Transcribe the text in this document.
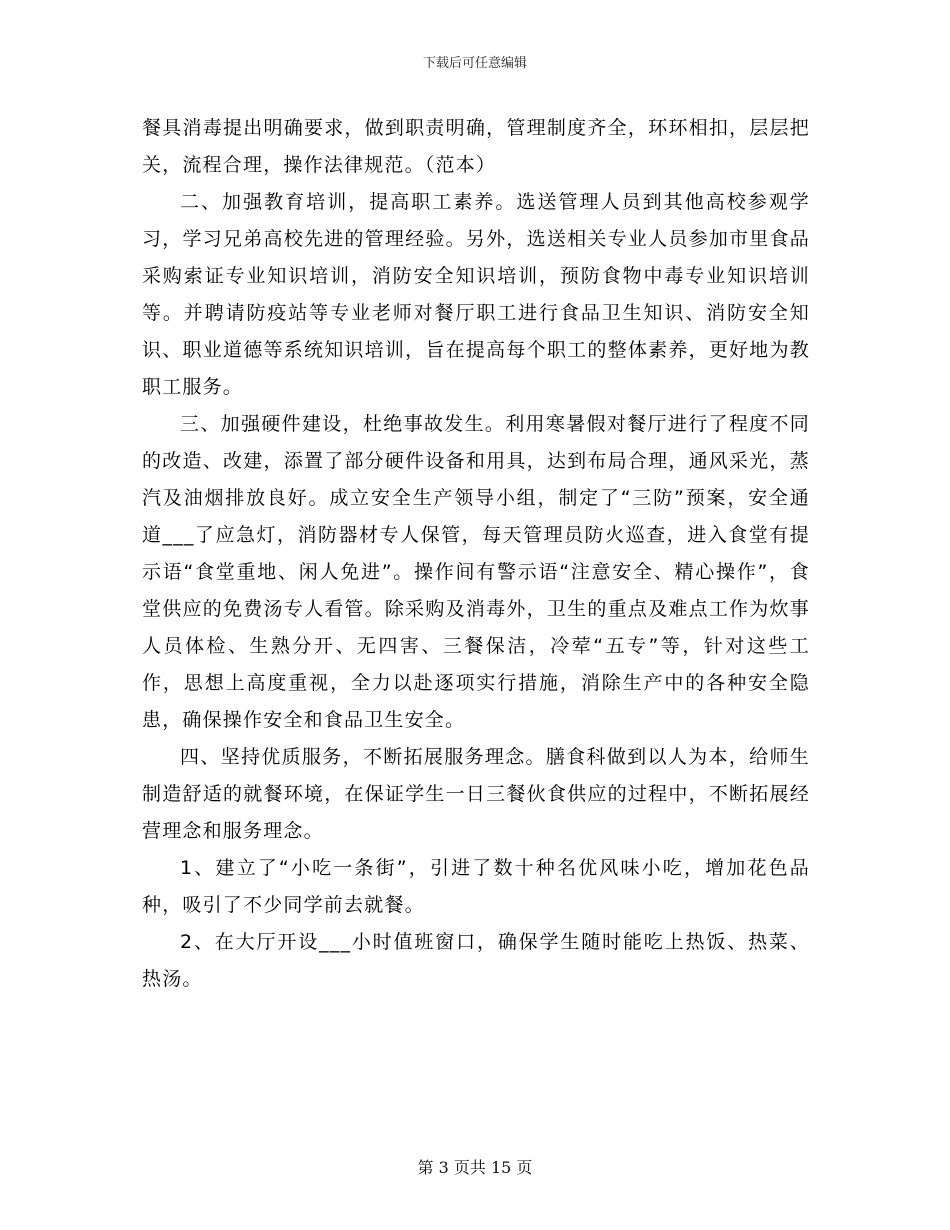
下载后可任意编辑

餐具消毒提出明确要求，做到职责明确，管理制度齐全，环环相扣，层层把关，流程合理，操作法律规范。（范本）

二、加强教育培训，提高职工素养。选送管理人员到其他高校参观学习，学习兄弟高校先进的管理经验。另外，选送相关专业人员参加市里食品采购索证专业知识培训，消防安全知识培训，预防食物中毒专业知识培训等。并聘请防疫站等专业老师对餐厅职工进行食品卫生知识、消防安全知识、职业道德等系统知识培训，旨在提高每个职工的整体素养，更好地为教职工服务。

三、加强硬件建设，杜绝事故发生。利用寒暑假对餐厅进行了程度不同的改造、改建，添置了部分硬件设备和用具，达到布局合理，通风采光，蒸汽及油烟排放良好。成立安全生产领导小组，制定了“三防”预案，安全通道___了应急灯，消防器材专人保管，每天管理员防火巡查，进入食堂有提示语“食堂重地、闲人免进”。操作间有警示语“注意安全、精心操作”，食堂供应的免费汤专人看管。除采购及消毒外，卫生的重点及难点工作为炊事人员体检、生熟分开、无四害、三餐保洁，冷荤“五专”等，针对这些工作，思想上高度重视，全力以赴逐项实行措施，消除生产中的各种安全隐患，确保操作安全和食品卫生安全。

四、坚持优质服务，不断拓展服务理念。膳食科做到以人为本，给师生制造舒适的就餐环境，在保证学生一日三餐伙食供应的过程中，不断拓展经营理念和服务理念。

1、建立了“小吃一条街”，引进了数十种名优风味小吃，增加花色品种，吸引了不少同学前去就餐。

2、在大厅开设___小时值班窗口，确保学生随时能吃上热饭、热菜、热汤。

第 3 页共 15 页
